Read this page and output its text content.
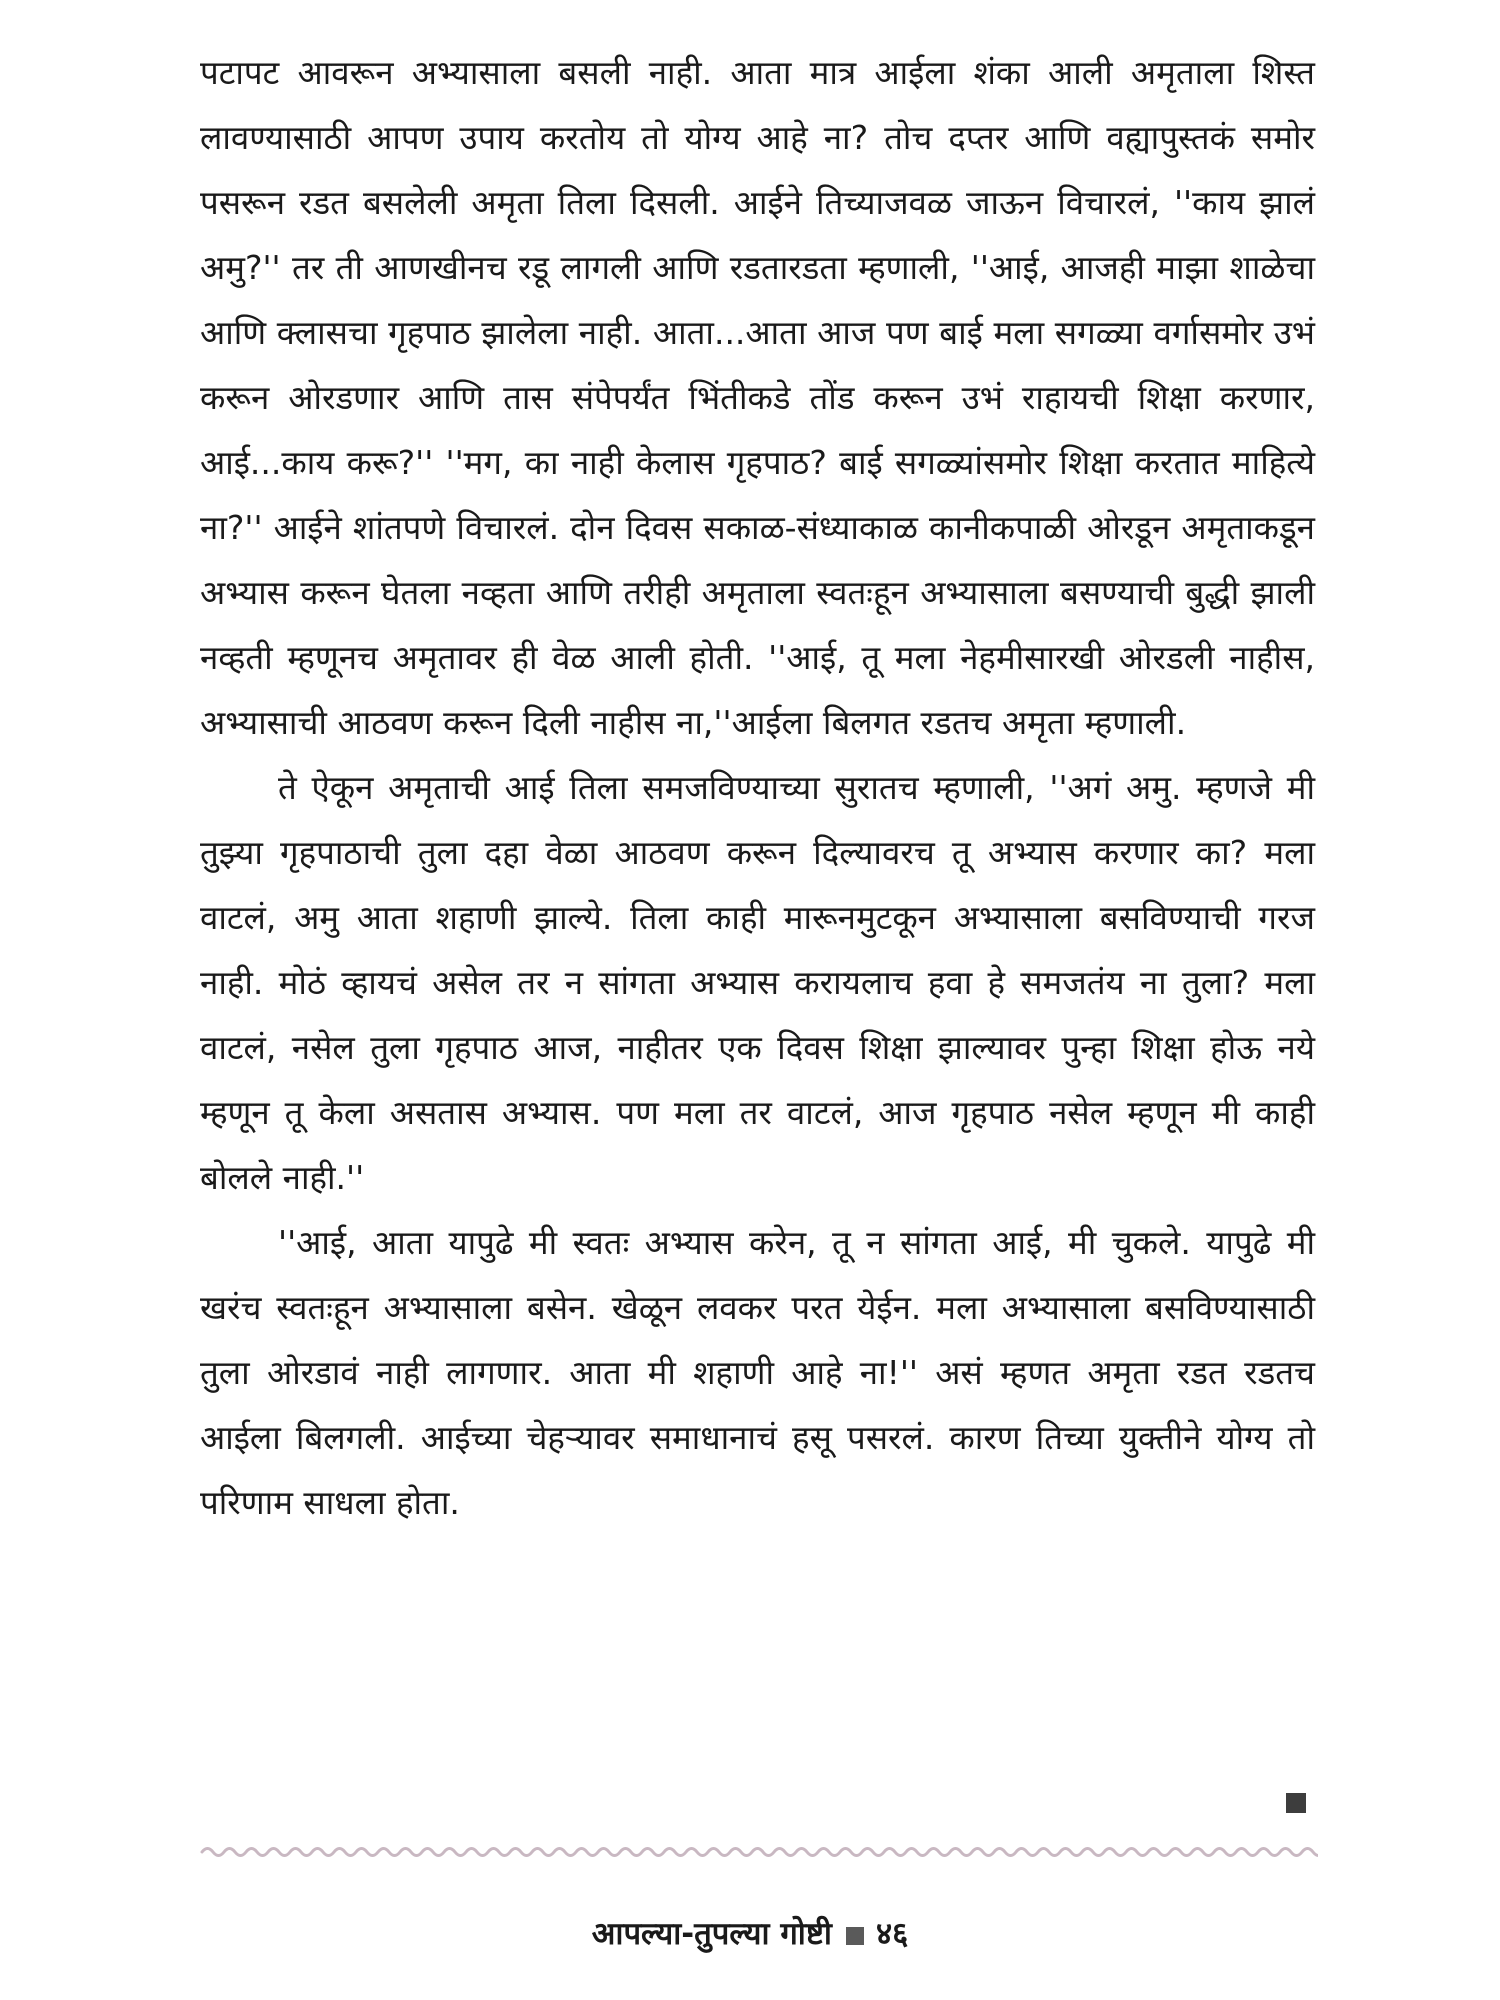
पटापट आवरून अभ्यासाला बसली नाही. आता मात्र आईला शंका आली अमृताला शिस्त लावण्यासाठी आपण उपाय करतोय तो योग्य आहे ना? तोच दप्तर आणि वह्यापुस्तकं समोर पसरून रडत बसलेली अमृता तिला दिसली. आईने तिच्याजवळ जाऊन विचारलं, ''काय झालं अमु?'' तर ती आणखीनच रडू लागली आणि रडतारडता म्हणाली, ''आई, आजही माझा शाळेचा आणि क्लासचा गृहपाठ झालेला नाही. आता...आता आज पण बाई मला सगळ्या वर्गासमोर उभं करून ओरडणार आणि तास संपेपर्यंत भिंतीकडे तोंड करून उभं राहायची शिक्षा करणार, आई...काय करू?'' ''मग, का नाही केलास गृहपाठ? बाई सगळ्यांसमोर शिक्षा करतात माहित्ये ना?'' आईने शांतपणे विचारलं. दोन दिवस सकाळ-संध्याकाळ कानीकपाळी ओरडून अमृताकडून अभ्यास करून घेतला नव्हता आणि तरीही अमृताला स्वतःहून अभ्यासाला बसण्याची बुद्धी झाली नव्हती म्हणूनच अमृतावर ही वेळ आली होती. ''आई, तू मला नेहमीसारखी ओरडली नाहीस, अभ्यासाची आठवण करून दिली नाहीस ना,''आईला बिलगत रडतच अमृता म्हणाली.

ते ऐकून अमृताची आई तिला समजविण्याच्या सुरातच म्हणाली, ''अगं अमु. म्हणजे मी तुझ्या गृहपाठाची तुला दहा वेळा आठवण करून दिल्यावरच तू अभ्यास करणार का? मला वाटलं, अमु आता शहाणी झाल्ये. तिला काही मारूनमुटकून अभ्यासाला बसविण्याची गरज नाही. मोठं व्हायचं असेल तर न सांगता अभ्यास करायलाच हवा हे समजतंय ना तुला? मला वाटलं, नसेल तुला गृहपाठ आज, नाहीतर एक दिवस शिक्षा झाल्यावर पुन्हा शिक्षा होऊ नये म्हणून तू केला असतास अभ्यास. पण मला तर वाटलं, आज गृहपाठ नसेल म्हणून मी काही बोलले नाही.''

''आई, आता यापुढे मी स्वतः अभ्यास करेन, तू न सांगता आई, मी चुकले. यापुढे मी खरंच स्वतःहून अभ्यासाला बसेन. खेळून लवकर परत येईन. मला अभ्यासाला बसविण्यासाठी तुला ओरडावं नाही लागणार. आता मी शहाणी आहे ना!'' असं म्हणत अमृता रडत रडतच आईला बिलगली. आईच्या चेहऱ्यावर समाधानाचं हसू पसरलं. कारण तिच्या युक्तीने योग्य तो परिणाम साधला होता.

आपल्या-तुपल्या गोष्टी ४६
